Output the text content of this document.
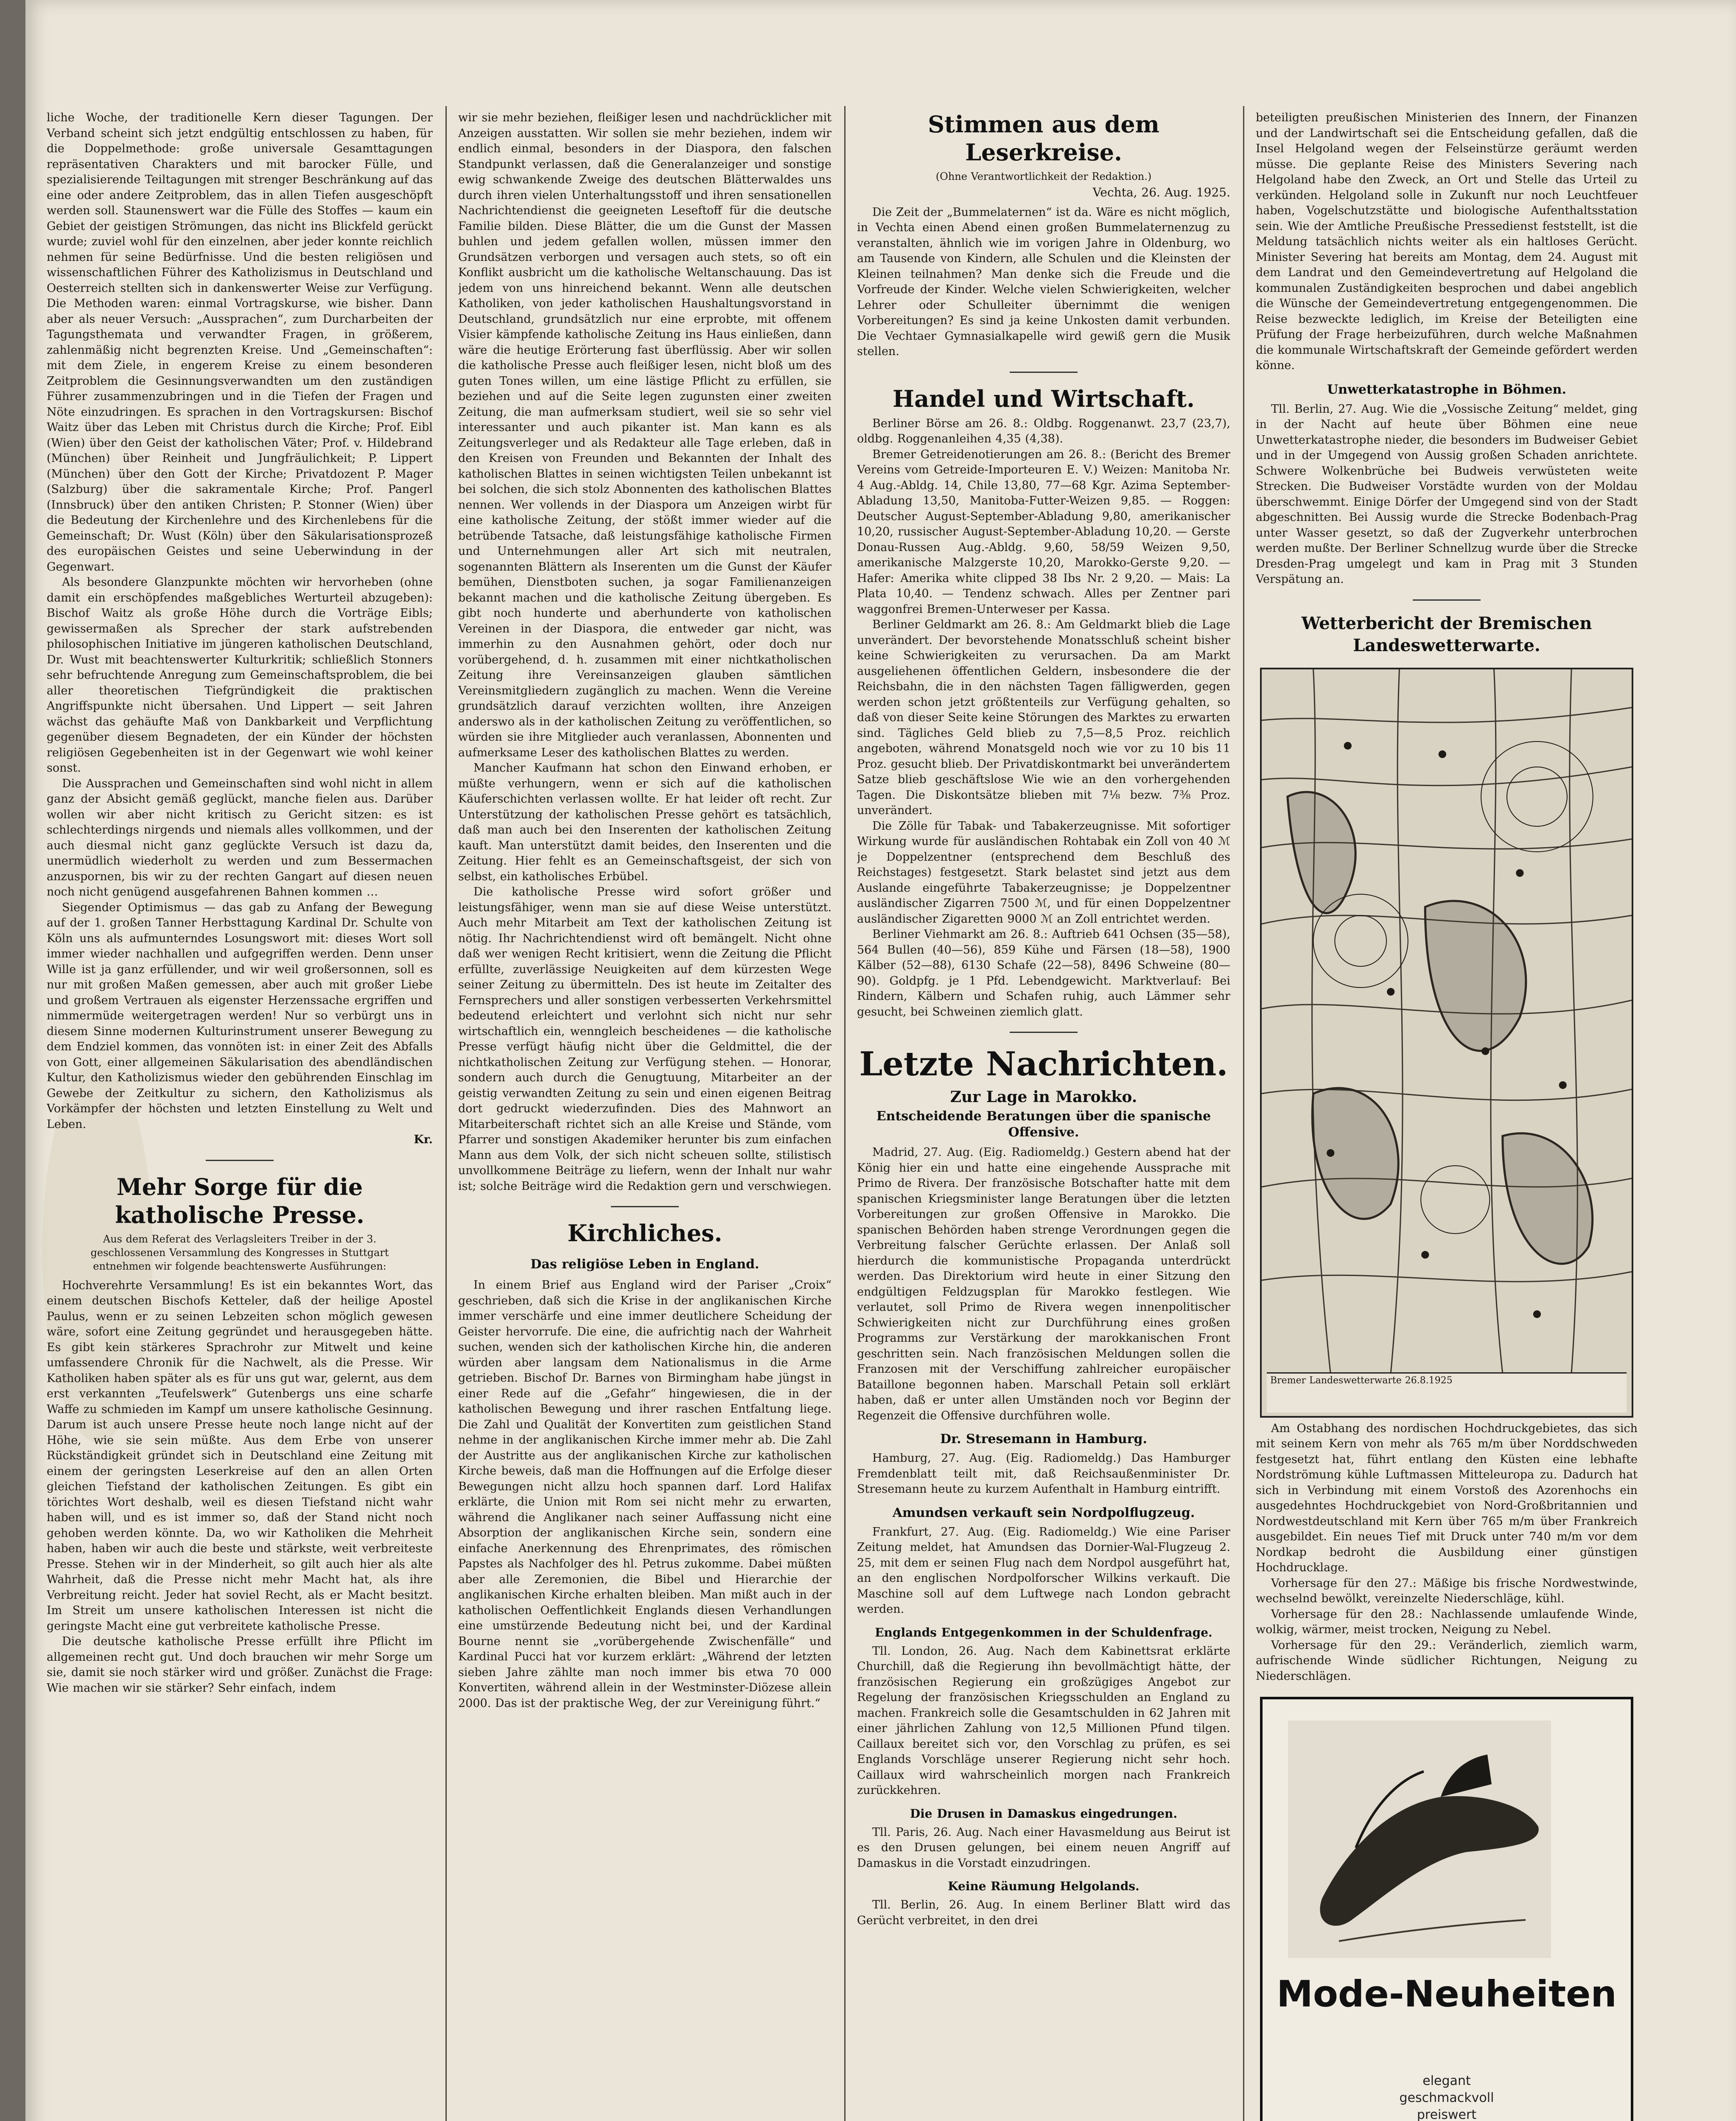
liche Woche, der traditionelle Kern dieser Tagungen. Der Verband scheint sich jetzt endgültig entschlossen zu haben, für die Doppelmethode: große universale Gesamttagungen repräsentativen Charakters und mit barocker Fülle, und spezialisierende Teiltagungen mit strenger Beschränkung auf das eine oder andere Zeitproblem, das in allen Tiefen ausgeschöpft werden soll. Staunenswert war die Fülle des Stoffes — kaum ein Gebiet der geistigen Strömungen, das nicht ins Blickfeld gerückt wurde; zuviel wohl für den einzelnen, aber jeder konnte reichlich nehmen für seine Bedürfnisse. Und die besten religiösen und wissenschaftlichen Führer des Katholizismus in Deutschland und Oesterreich stellten sich in dankenswerter Weise zur Verfügung. Die Methoden waren: einmal Vortragskurse, wie bisher. Dann aber als neuer Versuch: „Aussprachen“, zum Durcharbeiten der Tagungsthemata und verwandter Fragen, in größerem, zahlenmäßig nicht begrenzten Kreise. Und „Gemeinschaften“: mit dem Ziele, in engerem Kreise zu einem besonderen Zeitproblem die Gesinnungsverwandten um den zuständigen Führer zusammenzubringen und in die Tiefen der Fragen und Nöte einzudringen. Es sprachen in den Vortragskursen: Bischof Waitz über das Leben mit Christus durch die Kirche; Prof. Eibl (Wien) über den Geist der katholischen Väter; Prof. v. Hildebrand (München) über Reinheit und Jungfräulichkeit; P. Lippert (München) über den Gott der Kirche; Privatdozent P. Mager (Salzburg) über die sakramentale Kirche; Prof. Pangerl (Innsbruck) über den antiken Christen; P. Stonner (Wien) über die Bedeutung der Kirchenlehre und des Kirchenlebens für die Gemeinschaft; Dr. Wust (Köln) über den Säkularisationsprozeß des europäischen Geistes und seine Ueberwindung in der Gegenwart.

Als besondere Glanzpunkte möchten wir hervorheben (ohne damit ein erschöpfendes maßgebliches Werturteil abzugeben): Bischof Waitz als große Höhe durch die Vorträge Eibls; gewissermaßen als Sprecher der stark aufstrebenden philosophischen Initiative im jüngeren katholischen Deutschland, Dr. Wust mit beachtenswerter Kulturkritik; schließlich Stonners sehr befruchtende Anregung zum Gemeinschaftsproblem, die bei aller theoretischen Tiefgründigkeit die praktischen Angriffspunkte nicht übersahen. Und Lippert — seit Jahren wächst das gehäufte Maß von Dankbarkeit und Verpflichtung gegenüber diesem Begnadeten, der ein Künder der höchsten religiösen Gegebenheiten ist in der Gegenwart wie wohl keiner sonst.

Die Aussprachen und Gemeinschaften sind wohl nicht in allem ganz der Absicht gemäß geglückt, manche fielen aus. Darüber wollen wir aber nicht kritisch zu Gericht sitzen: es ist schlechterdings nirgends und niemals alles vollkommen, und der auch diesmal nicht ganz geglückte Versuch ist dazu da, unermüdlich wiederholt zu werden und zum Bessermachen anzuspornen, bis wir zu der rechten Gangart auf diesen neuen noch nicht genügend ausgefahrenen Bahnen kommen …

Siegender Optimismus — das gab zu Anfang der Bewegung auf der 1. großen Tanner Herbsttagung Kardinal Dr. Schulte von Köln uns als aufmunterndes Losungswort mit: dieses Wort soll immer wieder nachhallen und aufgegriffen werden. Denn unser Wille ist ja ganz erfüllender, und wir weil großersonnen, soll es nur mit großen Maßen gemessen, aber auch mit großer Liebe und großem Vertrauen als eigenster Herzenssache ergriffen und nimmermüde weitergetragen werden! Nur so verbürgt uns in diesem Sinne modernen Kulturinstrument unserer Bewegung zu dem Endziel kommen, das vonnöten ist: in einer Zeit des Abfalls von Gott, einer allgemeinen Säkularisation des abendländischen Kultur, den Katholizismus wieder den gebührenden Einschlag im Gewebe der Zeitkultur zu sichern, den Katholizismus als Vorkämpfer der höchsten und letzten Einstellung zu Welt und Leben.

Kr.

Mehr Sorge für die katholische Presse.

Aus dem Referat des Verlagsleiters Treiber in der 3. geschlossenen Versammlung des Kongresses in Stuttgart entnehmen wir folgende beachtenswerte Ausführungen:

Hochverehrte Versammlung! Es ist ein bekanntes Wort, das einem deutschen Bischofs Ketteler, daß der heilige Apostel Paulus, wenn er zu seinen Lebzeiten schon möglich gewesen wäre, sofort eine Zeitung gegründet und herausgegeben hätte. Es gibt kein stärkeres Sprachrohr zur Mitwelt und keine umfassendere Chronik für die Nachwelt, als die Presse. Wir Katholiken haben später als es für uns gut war, gelernt, aus dem erst verkannten „Teufelswerk“ Gutenbergs uns eine scharfe Waffe zu schmieden im Kampf um unsere katholische Gesinnung. Darum ist auch unsere Presse heute noch lange nicht auf der Höhe, wie sie sein müßte. Aus dem Erbe von unserer Rückständigkeit gründet sich in Deutschland eine Zeitung mit einem der geringsten Leserkreise auf den an allen Orten gleichen Tiefstand der katholischen Zeitungen. Es gibt ein törichtes Wort deshalb, weil es diesen Tiefstand nicht wahr haben will, und es ist immer so, daß der Stand nicht noch gehoben werden könnte. Da, wo wir Katholiken die Mehrheit haben, haben wir auch die beste und stärkste, weit verbreiteste Presse. Stehen wir in der Minderheit, so gilt auch hier als alte Wahrheit, daß die Presse nicht mehr Macht hat, als ihre Verbreitung reicht. Jeder hat soviel Recht, als er Macht besitzt. Im Streit um unsere katholischen Interessen ist nicht die geringste Macht eine gut verbreitete katholische Presse.

Die deutsche katholische Presse erfüllt ihre Pflicht im allgemeinen recht gut. Und doch brauchen wir mehr Sorge um sie, damit sie noch stärker wird und größer. Zunächst die Frage: Wie machen wir sie stärker? Sehr einfach, indem

wir sie mehr beziehen, fleißiger lesen und nachdrücklicher mit Anzeigen ausstatten. Wir sollen sie mehr beziehen, indem wir endlich einmal, besonders in der Diaspora, den falschen Standpunkt verlassen, daß die Generalanzeiger und sonstige ewig schwankende Zweige des deutschen Blätterwaldes uns durch ihren vielen Unterhaltungsstoff und ihren sensationellen Nachrichtendienst die geeigneten Leseftoff für die deutsche Familie bilden. Diese Blätter, die um die Gunst der Massen buhlen und jedem gefallen wollen, müssen immer den Grundsätzen verborgen und versagen auch stets, so oft ein Konflikt ausbricht um die katholische Weltanschauung. Das ist jedem von uns hinreichend bekannt. Wenn alle deutschen Katholiken, von jeder katholischen Haushaltungsvorstand in Deutschland, grundsätzlich nur eine erprobte, mit offenem Visier kämpfende katholische Zeitung ins Haus einließen, dann wäre die heutige Erörterung fast überflüssig. Aber wir sollen die katholische Presse auch fleißiger lesen, nicht bloß um des guten Tones willen, um eine lästige Pflicht zu erfüllen, sie beziehen und auf die Seite legen zugunsten einer zweiten Zeitung, die man aufmerksam studiert, weil sie so sehr viel interessanter und auch pikanter ist. Man kann es als Zeitungsverleger und als Redakteur alle Tage erleben, daß in den Kreisen von Freunden und Bekannten der Inhalt des katholischen Blattes in seinen wichtigsten Teilen unbekannt ist bei solchen, die sich stolz Abonnenten des katholischen Blattes nennen. Wer vollends in der Diaspora um Anzeigen wirbt für eine katholische Zeitung, der stößt immer wieder auf die betrübende Tatsache, daß leistungsfähige katholische Firmen und Unternehmungen aller Art sich mit neutralen, sogenannten Blättern als Inserenten um die Gunst der Käufer bemühen, Dienstboten suchen, ja sogar Familienanzeigen bekannt machen und die katholische Zeitung übergeben. Es gibt noch hunderte und aberhunderte von katholischen Vereinen in der Diaspora, die entweder gar nicht, was immerhin zu den Ausnahmen gehört, oder doch nur vorübergehend, d. h. zusammen mit einer nichtkatholischen Zeitung ihre Vereinsanzeigen glauben sämtlichen Vereinsmitgliedern zugänglich zu machen. Wenn die Vereine grundsätzlich darauf verzichten wollten, ihre Anzeigen anderswo als in der katholischen Zeitung zu veröffentlichen, so würden sie ihre Mitglieder auch veranlassen, Abonnenten und aufmerksame Leser des katholischen Blattes zu werden.

Mancher Kaufmann hat schon den Einwand erhoben, er müßte verhungern, wenn er sich auf die katholischen Käuferschichten verlassen wollte. Er hat leider oft recht. Zur Unterstützung der katholischen Presse gehört es tatsächlich, daß man auch bei den Inserenten der katholischen Zeitung kauft. Man unterstützt damit beides, den Inserenten und die Zeitung. Hier fehlt es an Gemeinschaftsgeist, der sich von selbst, ein katholisches Erbübel.

Die katholische Presse wird sofort größer und leistungsfähiger, wenn man sie auf diese Weise unterstützt. Auch mehr Mitarbeit am Text der katholischen Zeitung ist nötig. Ihr Nachrichtendienst wird oft bemängelt. Nicht ohne daß wer wenigen Recht kritisiert, wenn die Zeitung die Pflicht erfüllte, zuverlässige Neuigkeiten auf dem kürzesten Wege seiner Zeitung zu übermitteln. Des ist heute im Zeitalter des Fernsprechers und aller sonstigen verbesserten Verkehrsmittel bedeutend erleichtert und verlohnt sich nicht nur sehr wirtschaftlich ein, wenngleich bescheidenes — die katholische Presse verfügt häufig nicht über die Geldmittel, die der nichtkatholischen Zeitung zur Verfügung stehen. — Honorar, sondern auch durch die Genugtuung, Mitarbeiter an der geistig verwandten Zeitung zu sein und einen eigenen Beitrag dort gedruckt wiederzufinden. Dies des Mahnwort an Mitarbeiterschaft richtet sich an alle Kreise und Stände, vom Pfarrer und sonstigen Akademiker herunter bis zum einfachen Mann aus dem Volk, der sich nicht scheuen sollte, stilistisch unvollkommene Beiträge zu liefern, wenn der Inhalt nur wahr ist; solche Beiträge wird die Redaktion gern und verschwiegen.

Kirchliches.
Das religiöse Leben in England.

In einem Brief aus England wird der Pariser „Croix“ geschrieben, daß sich die Krise in der anglikanischen Kirche immer verschärfe und eine immer deutlichere Scheidung der Geister hervorrufe. Die eine, die aufrichtig nach der Wahrheit suchen, wenden sich der katholischen Kirche hin, die anderen würden aber langsam dem Nationalismus in die Arme getrieben. Bischof Dr. Barnes von Birmingham habe jüngst in einer Rede auf die „Gefahr“ hingewiesen, die in der katholischen Bewegung und ihrer raschen Entfaltung liege. Die Zahl und Qualität der Konvertiten zum geistlichen Stand nehme in der anglikanischen Kirche immer mehr ab. Die Zahl der Austritte aus der anglikanischen Kirche zur katholischen Kirche beweis, daß man die Hoffnungen auf die Erfolge dieser Bewegungen nicht allzu hoch spannen darf. Lord Halifax erklärte, die Union mit Rom sei nicht mehr zu erwarten, während die Anglikaner nach seiner Auffassung nicht eine Absorption der anglikanischen Kirche sein, sondern eine einfache Anerkennung des Ehrenprimates, des römischen Papstes als Nachfolger des hl. Petrus zukomme. Dabei müßten aber alle Zeremonien, die Bibel und Hierarchie der anglikanischen Kirche erhalten bleiben. Man mißt auch in der katholischen Oeffentlichkeit Englands diesen Verhandlungen eine umstürzende Bedeutung nicht bei, und der Kardinal Bourne nennt sie „vorübergehende Zwischenfälle“ und Kardinal Pucci hat vor kurzem erklärt: „Während der letzten sieben Jahre zählte man noch immer bis etwa 70 000 Konvertiten, während allein in der Westminster-Diözese allein 2000. Das ist der praktische Weg, der zur Vereinigung führt.“

Stimmen aus dem Leserkreise.

(Ohne Verantwortlichkeit der Redaktion.)

Vechta, 26. Aug. 1925.

Die Zeit der „Bummelaternen“ ist da. Wäre es nicht möglich, in Vechta einen Abend einen großen Bummelaternenzug zu veranstalten, ähnlich wie im vorigen Jahre in Oldenburg, wo am Tausende von Kindern, alle Schulen und die Kleinsten der Kleinen teilnahmen? Man denke sich die Freude und die Vorfreude der Kinder. Welche vielen Schwierigkeiten, welcher Lehrer oder Schulleiter übernimmt die wenigen Vorbereitungen? Es sind ja keine Unkosten damit verbunden. Die Vechtaer Gymnasialkapelle wird gewiß gern die Musik stellen.

Handel und Wirtschaft.

Berliner Börse am 26. 8.: Oldbg. Roggenanwt. 23,7 (23,7), oldbg. Roggenanleihen 4,35 (4,38).

Bremer Getreidenotierungen am 26. 8.: (Bericht des Bremer Vereins vom Getreide-Importeuren E. V.) Weizen: Manitoba Nr. 4 Aug.-Abldg. 14, Chile 13,80, 77—68 Kgr. Azima September-Abladung 13,50, Manitoba-Futter-Weizen 9,85. — Roggen: Deutscher August-September-Abladung 9,80, amerikanischer 10,20, russischer August-September-Abladung 10,20. — Gerste Donau-Russen Aug.-Abldg. 9,60, 58/59 Weizen 9,50, amerikanische Malzgerste 10,20, Marokko-Gerste 9,20. — Hafer: Amerika white clipped 38 Ibs Nr. 2 9,20. — Mais: La Plata 10,40. — Tendenz schwach. Alles per Zentner pari waggonfrei Bremen-Unterweser per Kassa.

Berliner Geldmarkt am 26. 8.: Am Geldmarkt blieb die Lage unverändert. Der bevorstehende Monatsschluß scheint bisher keine Schwierigkeiten zu verursachen. Da am Markt ausgeliehenen öffentlichen Geldern, insbesondere die der Reichsbahn, die in den nächsten Tagen fälligwerden, gegen werden schon jetzt größtenteils zur Verfügung gehalten, so daß von dieser Seite keine Störungen des Marktes zu erwarten sind. Tägliches Geld blieb zu 7,5—8,5 Proz. reichlich angeboten, während Monatsgeld noch wie vor zu 10 bis 11 Proz. gesucht blieb. Der Privatdiskontmarkt bei unverändertem Satze blieb geschäftslose Wie wie an den vorhergehenden Tagen. Die Diskontsätze blieben mit 7⅛ bezw. 7⅜ Proz. unverändert.

Die Zölle für Tabak- und Tabakerzeugnisse. Mit sofortiger Wirkung wurde für ausländischen Rohtabak ein Zoll von 40 ℳ je Doppelzentner (entsprechend dem Beschluß des Reichstages) festgesetzt. Stark belastet sind jetzt aus dem Auslande eingeführte Tabakerzeugnisse; je Doppelzentner ausländischer Zigarren 7500 ℳ, und für einen Doppelzentner ausländischer Zigaretten 9000 ℳ an Zoll entrichtet werden.

Berliner Viehmarkt am 26. 8.: Auftrieb 641 Ochsen (35—58), 564 Bullen (40—56), 859 Kühe und Färsen (18—58), 1900 Kälber (52—88), 6130 Schafe (22—58), 8496 Schweine (80—90). Goldpfg. je 1 Pfd. Lebendgewicht. Marktverlauf: Bei Rindern, Kälbern und Schafen ruhig, auch Lämmer sehr gesucht, bei Schweinen ziemlich glatt.

Letzte Nachrichten.
Zur Lage in Marokko.
Entscheidende Beratungen über die spanische Offensive.

Madrid, 27. Aug. (Eig. Radiomeldg.) Gestern abend hat der König hier ein und hatte eine eingehende Aussprache mit Primo de Rivera. Der französische Botschafter hatte mit dem spanischen Kriegsminister lange Beratungen über die letzten Vorbereitungen zur großen Offensive in Marokko. Die spanischen Behörden haben strenge Verordnungen gegen die Verbreitung falscher Gerüchte erlassen. Der Anlaß soll hierdurch die kommunistische Propaganda unterdrückt werden. Das Direktorium wird heute in einer Sitzung den endgültigen Feldzugsplan für Marokko festlegen. Wie verlautet, soll Primo de Rivera wegen innenpolitischer Schwierigkeiten nicht zur Durchführung eines großen Programms zur Verstärkung der marokkanischen Front geschritten sein. Nach französischen Meldungen sollen die Franzosen mit der Verschiffung zahlreicher europäischer Bataillone begonnen haben. Marschall Petain soll erklärt haben, daß er unter allen Umständen noch vor Beginn der Regenzeit die Offensive durchführen wolle.

Dr. Stresemann in Hamburg.

Hamburg, 27. Aug. (Eig. Radiomeldg.) Das Hamburger Fremdenblatt teilt mit, daß Reichsaußenminister Dr. Stresemann heute zu kurzem Aufenthalt in Hamburg eintrifft.

Amundsen verkauft sein Nordpolflugzeug.

Frankfurt, 27. Aug. (Eig. Radiomeldg.) Wie eine Pariser Zeitung meldet, hat Amundsen das Dornier-Wal-Flugzeug 2. 25, mit dem er seinen Flug nach dem Nordpol ausgeführt hat, an den englischen Nordpolforscher Wilkins verkauft. Die Maschine soll auf dem Luftwege nach London gebracht werden.

Englands Entgegenkommen in der Schuldenfrage.

Tll. London, 26. Aug. Nach dem Kabinettsrat erklärte Churchill, daß die Regierung ihn bevollmächtigt hätte, der französischen Regierung ein großzügiges Angebot zur Regelung der französischen Kriegsschulden an England zu machen. Frankreich solle die Gesamtschulden in 62 Jahren mit einer jährlichen Zahlung von 12,5 Millionen Pfund tilgen. Caillaux bereitet sich vor, den Vorschlag zu prüfen, es sei Englands Vorschläge unserer Regierung nicht sehr hoch. Caillaux wird wahrscheinlich morgen nach Frankreich zurückkehren.

Die Drusen in Damaskus eingedrungen.

Tll. Paris, 26. Aug. Nach einer Havasmeldung aus Beirut ist es den Drusen gelungen, bei einem neuen Angriff auf Damaskus in die Vorstadt einzudringen.

Keine Räumung Helgolands.

Tll. Berlin, 26. Aug. In einem Berliner Blatt wird das Gerücht verbreitet, in den drei

beteiligten preußischen Ministerien des Innern, der Finanzen und der Landwirtschaft sei die Entscheidung gefallen, daß die Insel Helgoland wegen der Felseinstürze geräumt werden müsse. Die geplante Reise des Ministers Severing nach Helgoland habe den Zweck, an Ort und Stelle das Urteil zu verkünden. Helgoland solle in Zukunft nur noch Leuchtfeuer haben, Vogelschutzstätte und biologische Aufenthaltsstation sein. Wie der Amtliche Preußische Pressedienst feststellt, ist die Meldung tatsächlich nichts weiter als ein haltloses Gerücht. Minister Severing hat bereits am Montag, dem 24. August mit dem Landrat und den Gemeindevertretung auf Helgoland die kommunalen Zuständigkeiten besprochen und dabei angeblich die Wünsche der Gemeindevertretung entgegengenommen. Die Reise bezweckte lediglich, im Kreise der Beteiligten eine Prüfung der Frage herbeizuführen, durch welche Maßnahmen die kommunale Wirtschaftskraft der Gemeinde gefördert werden könne.

Unwetterkatastrophe in Böhmen.

Tll. Berlin, 27. Aug. Wie die „Vossische Zeitung“ meldet, ging in der Nacht auf heute über Böhmen eine neue Unwetterkatastrophe nieder, die besonders im Budweiser Gebiet und in der Umgegend von Aussig großen Schaden anrichtete. Schwere Wolkenbrüche bei Budweis verwüsteten weite Strecken. Die Budweiser Vorstädte wurden von der Moldau überschwemmt. Einige Dörfer der Umgegend sind von der Stadt abgeschnitten. Bei Aussig wurde die Strecke Bodenbach-Prag unter Wasser gesetzt, so daß der Zugverkehr unterbrochen werden mußte. Der Berliner Schnellzug wurde über die Strecke Dresden-Prag umgelegt und kam in Prag mit 3 Stunden Verspätung an.

Wetterbericht der Bremischen Landeswetterwarte.
Bremer Landeswetterwarte 26.8.1925

Am Ostabhang des nordischen Hochdruckgebietes, das sich mit seinem Kern von mehr als 765 m/m über Norddschweden festgesetzt hat, führt entlang den Küsten eine lebhafte Nordströmung kühle Luftmassen Mitteleuropa zu. Dadurch hat sich in Verbindung mit einem Vorstoß des Azorenhochs ein ausgedehntes Hochdruckgebiet von Nord-Großbritannien und Nordwestdeutschland mit Kern über 765 m/m über Frankreich ausgebildet. Ein neues Tief mit Druck unter 740 m/m vor dem Nordkap bedroht die Ausbildung einer günstigen Hochdrucklage.

Vorhersage für den 27.: Mäßige bis frische Nordwestwinde, wechselnd bewölkt, vereinzelte Niederschläge, kühl.

Vorhersage für den 28.: Nachlassende umlaufende Winde, wolkig, wärmer, meist trocken, Neigung zu Nebel.

Vorhersage für den 29.: Veränderlich, ziemlich warm, aufrischende Winde südlicher Richtungen, Neigung zu Niederschlägen.

Mode-Neuheiten
elegant
geschmackvoll
preiswert
